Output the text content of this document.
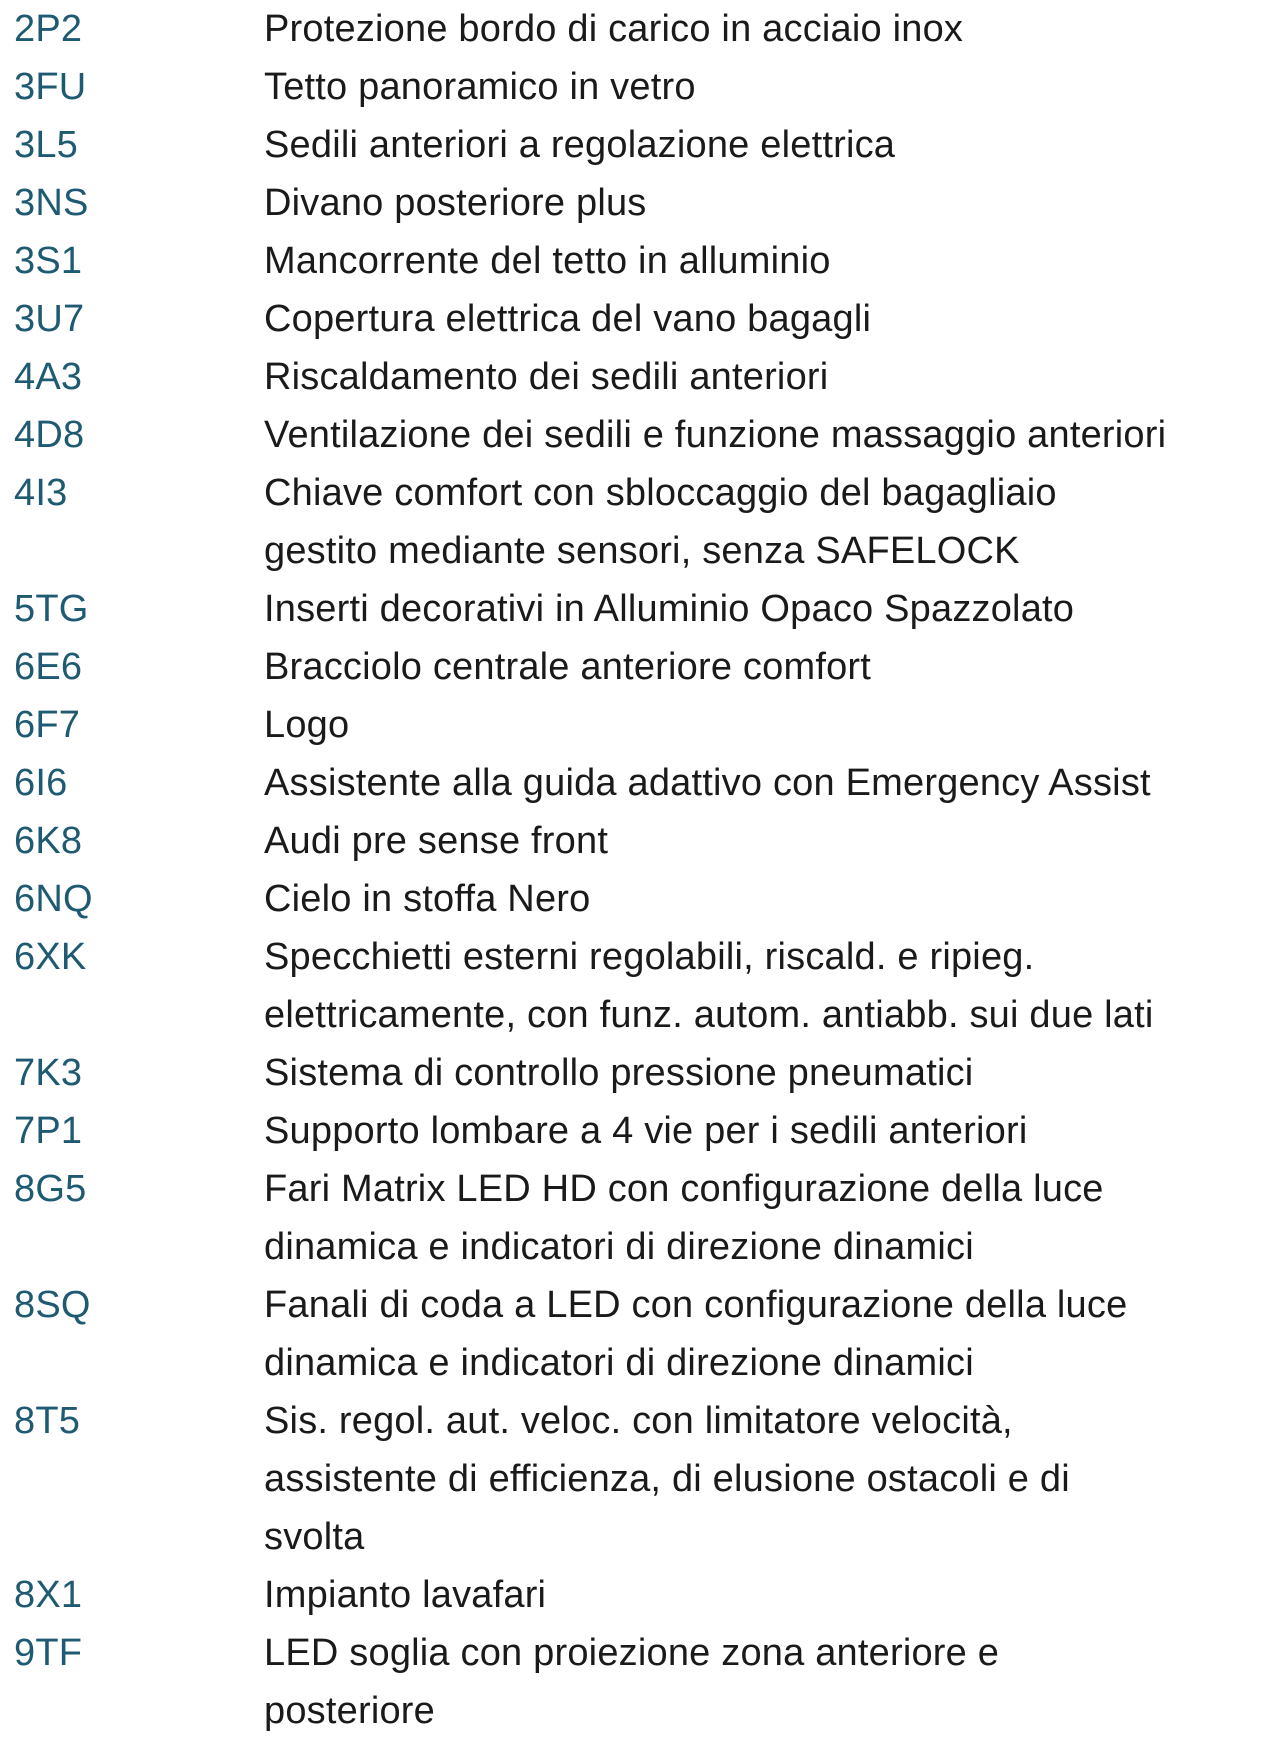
2P2	Protezione bordo di carico in acciaio inox
3FU	Tetto panoramico in vetro
3L5	Sedili anteriori a regolazione elettrica
3NS	Divano posteriore plus
3S1	Mancorrente del tetto in alluminio
3U7	Copertura elettrica del vano bagagli
4A3	Riscaldamento dei sedili anteriori
4D8	Ventilazione dei sedili e funzione massaggio anteriori
4I3	Chiave comfort con sbloccaggio del bagagliaio
gestito mediante sensori, senza SAFELOCK
5TG	Inserti decorativi in Alluminio Opaco Spazzolato
6E6	Bracciolo centrale anteriore comfort
6F7	Logo
6I6	Assistente alla guida adattivo con Emergency Assist
6K8	Audi pre sense front
6NQ	Cielo in stoffa Nero
6XK	Specchietti esterni regolabili, riscald. e ripieg.
elettricamente, con funz. autom. antiabb. sui due lati
7K3	Sistema di controllo pressione pneumatici
7P1	Supporto lombare a 4 vie per i sedili anteriori
8G5	Fari Matrix LED HD con configurazione della luce
dinamica e indicatori di direzione dinamici
8SQ	Fanali di coda a LED con configurazione della luce
dinamica e indicatori di direzione dinamici
8T5	Sis. regol. aut. veloc. con limitatore velocità,
assistente di efficienza, di elusione ostacoli e di
svolta
8X1	Impianto lavafari
9TF	LED soglia con proiezione zona anteriore e
posteriore
